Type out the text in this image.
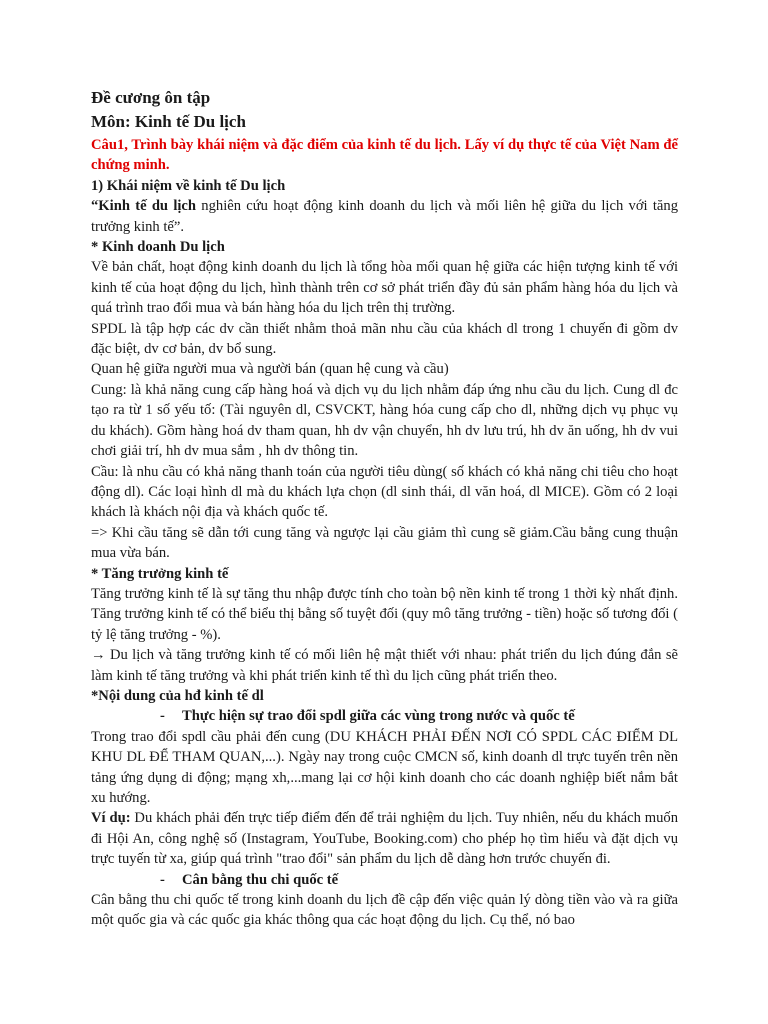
Đề cương ôn tập

Môn: Kinh tế Du lịch

Câu1, Trình bày khái niệm và đặc điểm của kinh tế du lịch. Lấy ví dụ thực tế của Việt Nam để chứng minh.

1) Khái niệm về kinh tế Du lịch

“Kinh tế du lịch nghiên cứu hoạt động kinh doanh du lịch và mối liên hệ giữa du lịch với tăng trưởng kinh tế”.

* Kinh doanh Du lịch

Về bản chất, hoạt động kinh doanh du lịch là tổng hòa mối quan hệ giữa các hiện tượng kinh tế với kinh tế của hoạt động du lịch, hình thành trên cơ sở phát triển đầy đủ sản phẩm hàng hóa du lịch và quá trình trao đổi mua và bán hàng hóa du lịch trên thị trường.

SPDL là tập hợp các dv cần thiết nhằm thoả mãn nhu cầu của khách dl trong 1 chuyến đi gồm dv đặc biệt, dv cơ bản, dv bổ sung.

Quan hệ giữa người mua và người bán (quan hệ cung và cầu)

Cung: là khả năng cung cấp hàng hoá và dịch vụ du lịch nhằm đáp ứng nhu cầu du lịch. Cung dl đc tạo ra từ 1 số yếu tố: (Tài nguyên dl, CSVCKT, hàng hóa cung cấp cho dl, những dịch vụ phục vụ du khách). Gồm hàng hoá dv tham quan, hh dv vận chuyển, hh dv lưu trú, hh dv ăn uống, hh dv vui chơi giải trí, hh dv mua sắm , hh dv thông tin.

Cầu: là nhu cầu có khả năng thanh toán của người tiêu dùng( số khách có khả năng chi tiêu cho hoạt động dl). Các loại hình dl mà du khách lựa chọn (dl sinh thái, dl văn hoá, dl MICE). Gồm có 2 loại khách là khách nội địa và khách quốc tế.

=> Khi cầu tăng sẽ dẫn tới cung tăng và ngược lại cầu giảm thì cung sẽ giảm.Cầu bằng cung thuận mua vừa bán.

* Tăng trưởng kinh tế

Tăng trưởng kinh tế là sự tăng thu nhập được tính cho toàn bộ nền kinh tế trong 1 thời kỳ nhất định. Tăng trưởng kinh tế có thể biểu thị bằng số tuyệt đối (quy mô tăng trưởng - tiền) hoặc số tương đối ( tỷ lệ tăng trưởng - %).

→ Du lịch và tăng trưởng kinh tế có mối liên hệ mật thiết với nhau: phát triển du lịch đúng đắn sẽ làm kinh tế tăng trưởng và khi phát triển kinh tế thì du lịch cũng phát triển theo.

*Nội dung của hđ kinh tế dl

- Thực hiện sự trao đổi spdl giữa các vùng trong nước và quốc tế

Trong trao đổi spdl cầu phải đến cung (DU KHÁCH PHẢI ĐẾN NƠI CÓ SPDL CÁC ĐIỂM DL KHU DL ĐỂ THAM QUAN,...). Ngày nay trong cuộc CMCN số, kinh doanh dl trực tuyến trên nền tảng ứng dụng di động; mạng xh,...mang lại cơ hội kinh doanh cho các doanh nghiệp biết nắm bắt xu hướng.

Ví dụ: Du khách phải đến trực tiếp điểm đến để trải nghiệm du lịch. Tuy nhiên, nếu du khách muốn đi Hội An, công nghệ số (Instagram, YouTube, Booking.com) cho phép họ tìm hiểu và đặt dịch vụ trực tuyến từ xa, giúp quá trình "trao đổi" sản phẩm du lịch dễ dàng hơn trước chuyến đi.

- Cân bằng thu chi quốc tế

Cân bằng thu chi quốc tế trong kinh doanh du lịch đề cập đến việc quản lý dòng tiền vào và ra giữa một quốc gia và các quốc gia khác thông qua các hoạt động du lịch. Cụ thể, nó bao
